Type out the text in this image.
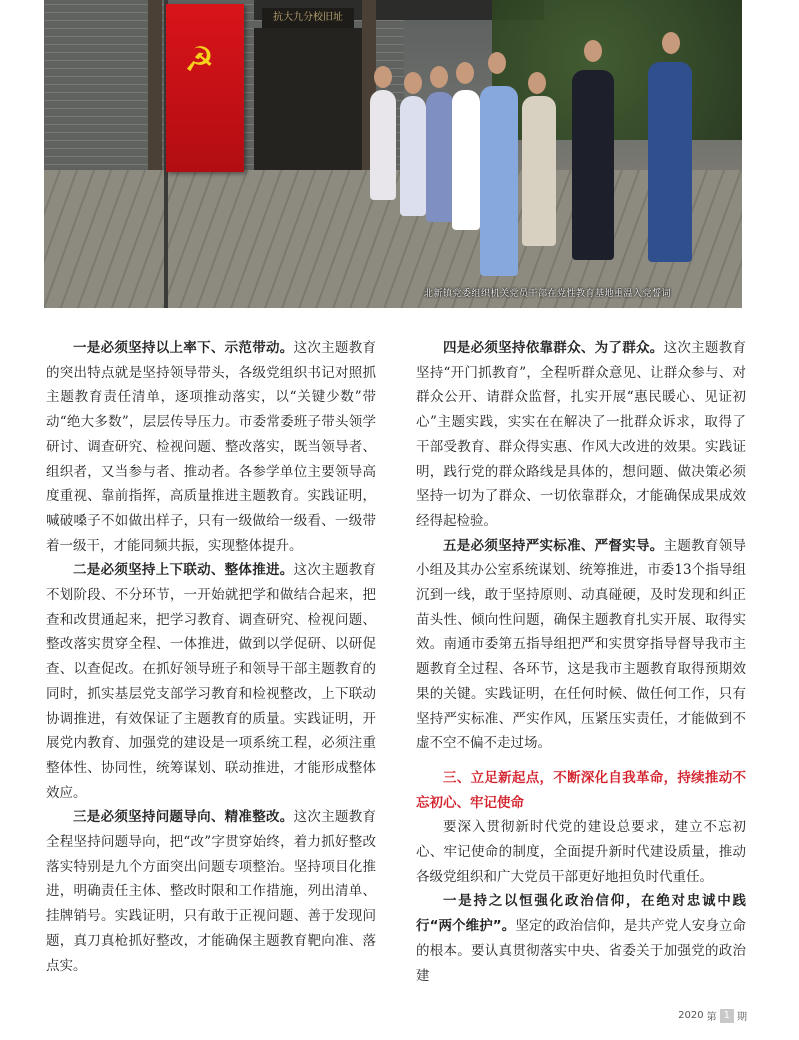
抗大九分校旧址
☭
北新镇党委组织机关党员干部在党性教育基地重温入党誓词

一是必须坚持以上率下、示范带动。这次主题教育的突出特点就是坚持领导带头，各级党组织书记对照抓主题教育责任清单，逐项推动落实，以“关键少数”带动“绝大多数”，层层传导压力。市委常委班子带头领学研讨、调查研究、检视问题、整改落实，既当领导者、组织者，又当参与者、推动者。各参学单位主要领导高度重视、靠前指挥，高质量推进主题教育。实践证明，喊破嗓子不如做出样子，只有一级做给一级看、一级带着一级干，才能同频共振，实现整体提升。

二是必须坚持上下联动、整体推进。这次主题教育不划阶段、不分环节，一开始就把学和做结合起来，把查和改贯通起来，把学习教育、调查研究、检视问题、整改落实贯穿全程、一体推进，做到以学促研、以研促查、以查促改。在抓好领导班子和领导干部主题教育的同时，抓实基层党支部学习教育和检视整改，上下联动协调推进，有效保证了主题教育的质量。实践证明，开展党内教育、加强党的建设是一项系统工程，必须注重整体性、协同性，统筹谋划、联动推进，才能形成整体效应。

三是必须坚持问题导向、精准整改。这次主题教育全程坚持问题导向，把“改”字贯穿始终，着力抓好整改落实特别是九个方面突出问题专项整治。坚持项目化推进，明确责任主体、整改时限和工作措施，列出清单、挂牌销号。实践证明，只有敢于正视问题、善于发现问题，真刀真枪抓好整改，才能确保主题教育靶向准、落点实。

四是必须坚持依靠群众、为了群众。这次主题教育坚持“开门抓教育”，全程听群众意见、让群众参与、对群众公开、请群众监督，扎实开展“惠民暖心、见证初心”主题实践，实实在在解决了一批群众诉求，取得了干部受教育、群众得实惠、作风大改进的效果。实践证明，践行党的群众路线是具体的，想问题、做决策必须坚持一切为了群众、一切依靠群众，才能确保成果成效经得起检验。

五是必须坚持严实标准、严督实导。主题教育领导小组及其办公室系统谋划、统筹推进，市委13个指导组沉到一线，敢于坚持原则、动真碰硬，及时发现和纠正苗头性、倾向性问题，确保主题教育扎实开展、取得实效。南通市委第五指导组把严和实贯穿指导督导我市主题教育全过程、各环节，这是我市主题教育取得预期效果的关键。实践证明，在任何时候、做任何工作，只有坚持严实标准、严实作风，压紧压实责任，才能做到不虚不空不偏不走过场。

三、立足新起点，不断深化自我革命，持续推动不忘初心、牢记使命

要深入贯彻新时代党的建设总要求，建立不忘初心、牢记使命的制度，全面提升新时代建设质量，推动各级党组织和广大党员干部更好地担负时代重任。

一是持之以恒强化政治信仰，在绝对忠诚中践行“两个维护”。坚定的政治信仰，是共产党人安身立命的根本。要认真贯彻落实中央、省委关于加强党的政治建

2020 第 1 期
